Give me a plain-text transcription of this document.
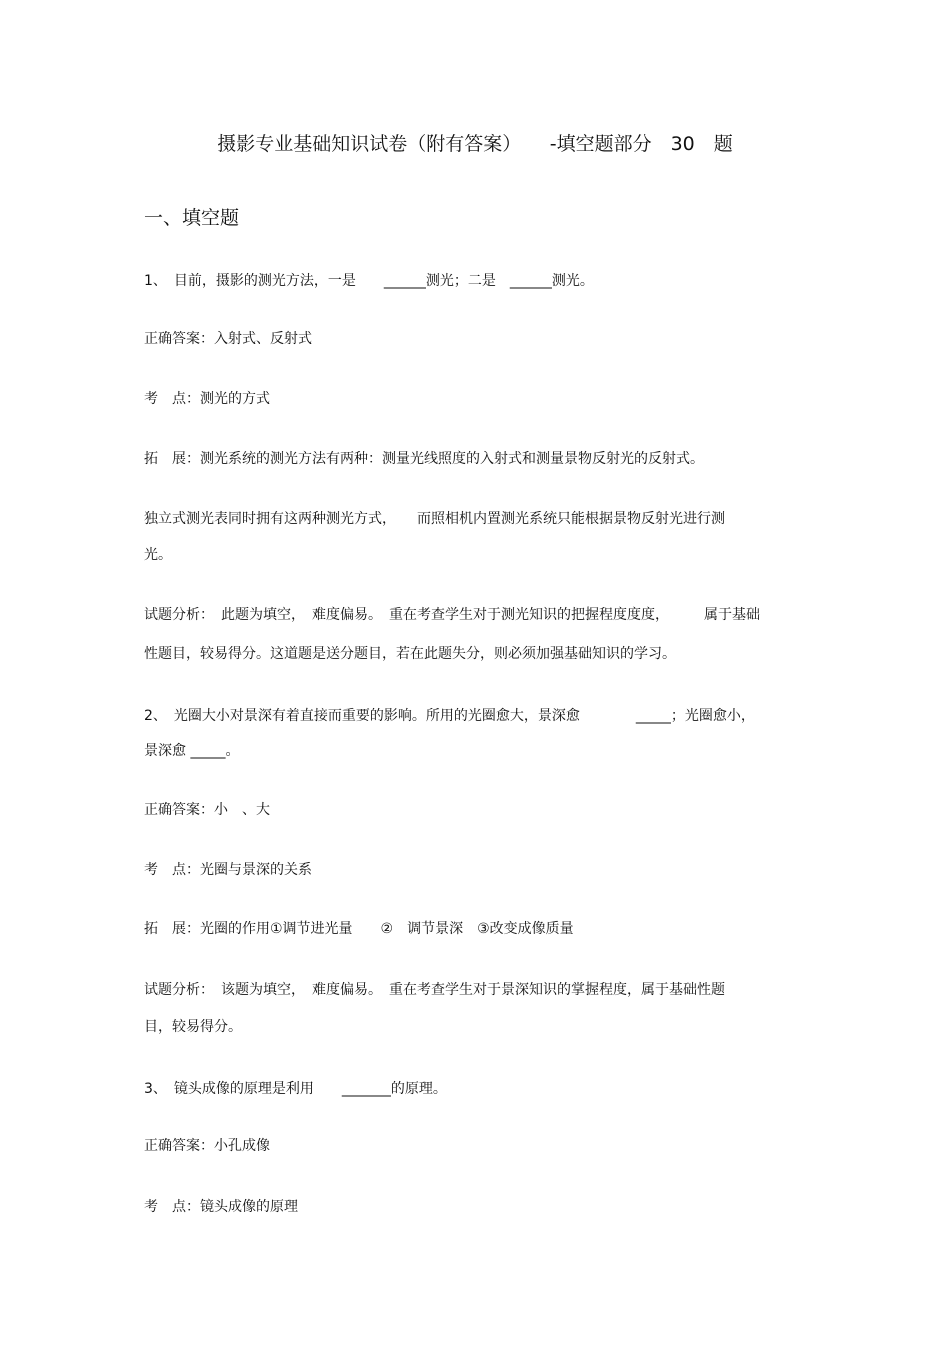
摄影专业基础知识试卷（附有答案）　　-填空题部分　30　题
一、填空题

1、　目前，摄影的测光方法，一是　　______测光；二是　______测光。

正确答案：入射式、反射式

考　点：测光的方式

拓　展：测光系统的测光方法有两种：测量光线照度的入射式和测量景物反射光的反射式。

独立式测光表同时拥有这两种测光方式，　　而照相机内置测光系统只能根据景物反射光进行测

光。

试题分析：　此题为填空，　难度偏易。　重在考查学生对于测光知识的把握程度度度，　　　属于基础

性题目，较易得分。这道题是送分题目，若在此题失分，则必须加强基础知识的学习。

2、　光圈大小对景深有着直接而重要的影响。所用的光圈愈大，景深愈　　　　_____；光圈愈小，

景深愈 _____。

正确答案：小　、大

考　点：光圈与景深的关系

拓　展：光圈的作用①调节进光量　　②　调节景深　③改变成像质量

试题分析：　该题为填空，　难度偏易。　重在考查学生对于景深知识的掌握程度，属于基础性题

目，较易得分。

3、　镜头成像的原理是利用　　_______的原理。

正确答案：小孔成像

考　点：镜头成像的原理
